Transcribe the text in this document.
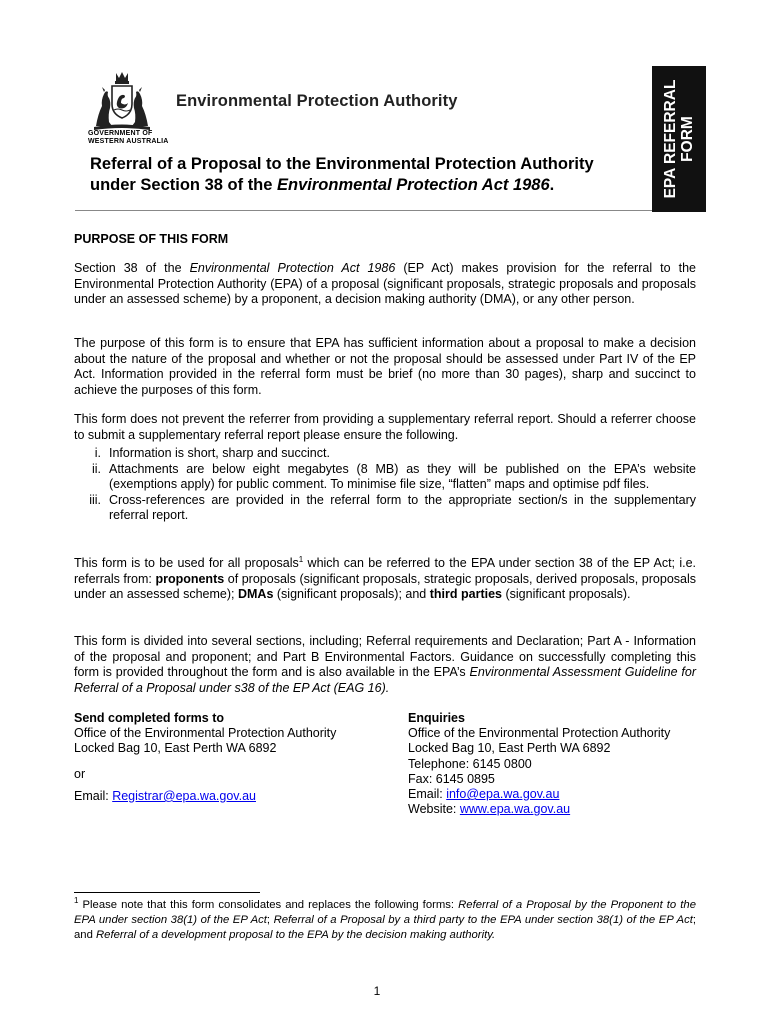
GOVERNMENT OF
WESTERN AUSTRALIA
Environmental Protection Authority	EPA REFERRAL FORM
Referral of a Proposal to the Environmental Protection Authority
under Section 38 of the Environmental Protection Act 1986.
PURPOSE OF THIS FORM
Section 38 of the Environmental Protection Act 1986 (EP Act) makes provision for the referral to the Environmental Protection Authority (EPA) of a proposal (significant proposals, strategic proposals and proposals under an assessed scheme) by a proponent, a decision making authority (DMA), or any other person.
The purpose of this form is to ensure that EPA has sufficient information about a proposal to make a decision about the nature of the proposal and whether or not the proposal should be assessed under Part IV of the EP Act. Information provided in the referral form must be brief (no more than 30 pages), sharp and succinct to achieve the purposes of this form.
This form does not prevent the referrer from providing a supplementary referral report. Should a referrer choose to submit a supplementary referral report please ensure the following.
i. Information is short, sharp and succinct.
ii. Attachments are below eight megabytes (8 MB) as they will be published on the EPA’s website (exemptions apply) for public comment. To minimise file size, “flatten” maps and optimise pdf files.
iii. Cross-references are provided in the referral form to the appropriate section/s in the supplementary referral report.
This form is to be used for all proposals$^1$ which can be referred to the EPA under section 38 of the EP Act; i.e. referrals from: proponents of proposals (significant proposals, strategic proposals, derived proposals, proposals under an assessed scheme); DMAs (significant proposals); and third parties (significant proposals).
This form is divided into several sections, including; Referral requirements and Declaration; Part A - Information of the proposal and proponent; and Part B Environmental Factors. Guidance on successfully completing this form is provided throughout the form and is also available in the EPA’s Environmental Assessment Guideline for Referral of a Proposal under s38 of the EP Act (EAG 16).
Send completed forms to
Office of the Environmental Protection Authority
Locked Bag 10, East Perth WA 6892
or
Email: Registrar@epa.wa.gov.au
Enquiries
Office of the Environmental Protection Authority
Locked Bag 10, East Perth WA 6892
Telephone: 6145 0800
Fax: 6145 0895
Email: info@epa.wa.gov.au
Website: www.epa.wa.gov.au
$^1$ Please note that this form consolidates and replaces the following forms: Referral of a Proposal by the Proponent to the EPA under section 38(1) of the EP Act; Referral of a Proposal by a third party to the EPA under section 38(1) of the EP Act; and Referral of a development proposal to the EPA by the decision making authority.
1
